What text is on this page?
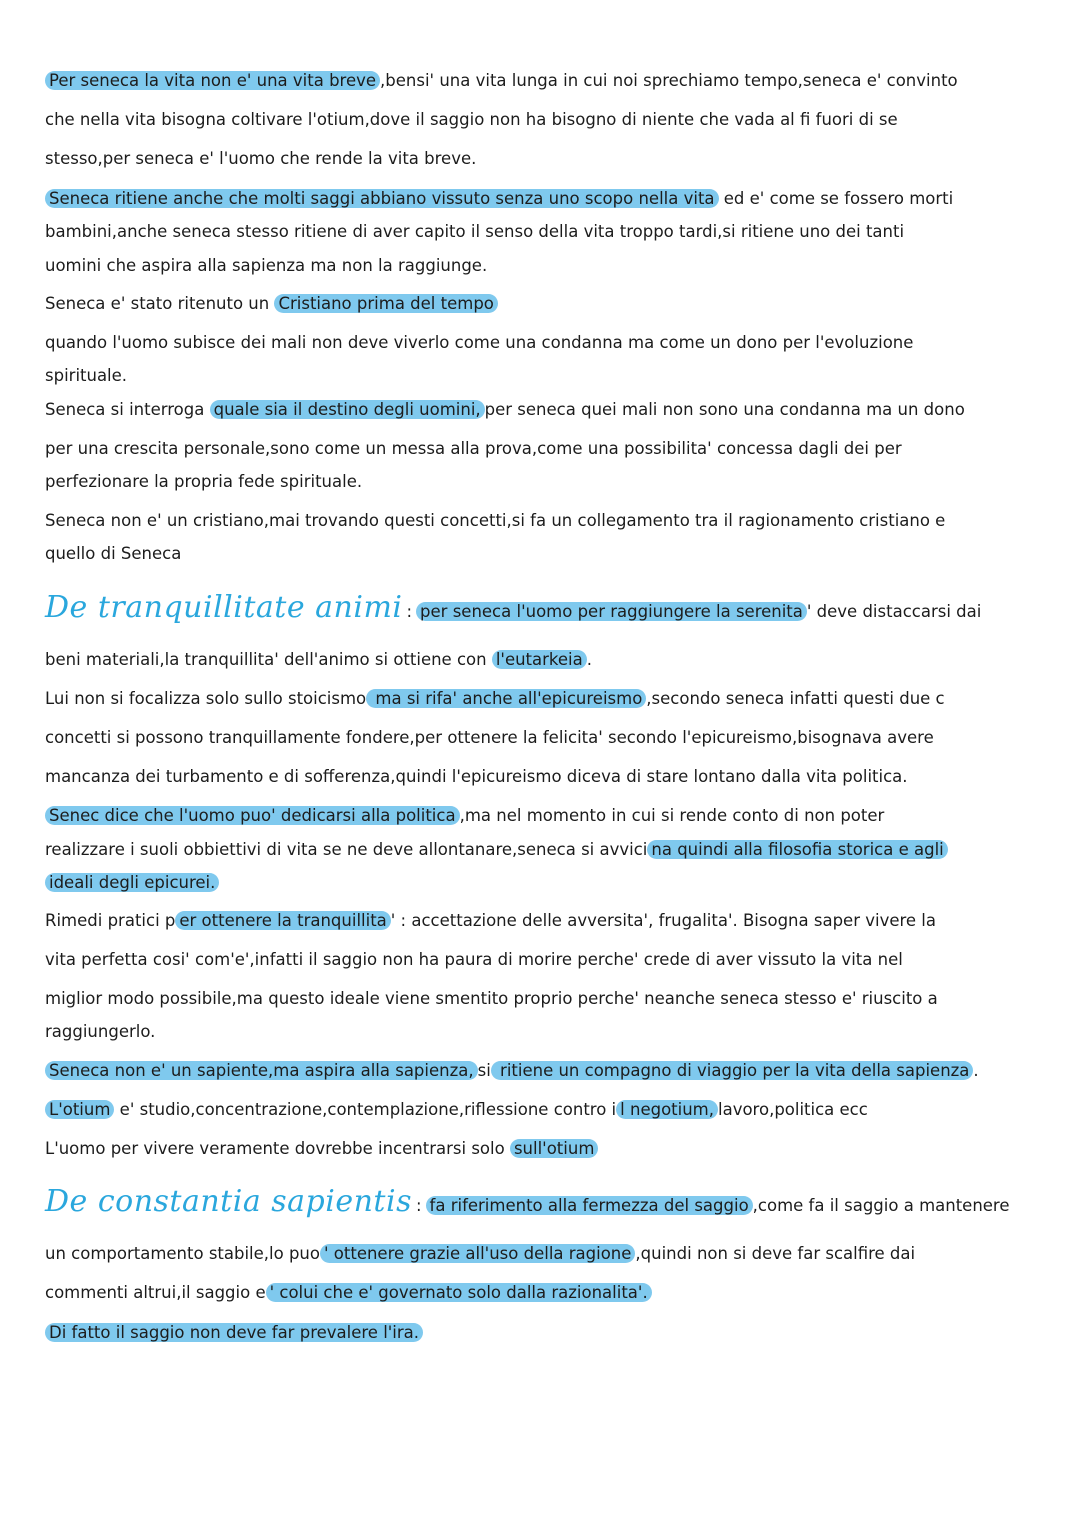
Per seneca la vita non e' una vita breve ,bensi' una vita lunga in cui noi sprechiamo tempo,seneca e' convinto
che nella vita bisogna coltivare l'otium,dove il saggio non ha bisogno di niente che vada al fi fuori di se
stesso,per seneca e' l'uomo che rende la vita breve.
Seneca ritiene anche che molti saggi abbiano vissuto senza uno scopo nella vita ed e' come se fossero morti
bambini,anche seneca stesso ritiene di aver capito il senso della vita troppo tardi,si ritiene uno dei tanti
uomini che aspira alla sapienza ma non la raggiunge.
Seneca e' stato ritenuto un Cristiano prima del tempo
quando l'uomo subisce dei mali non deve viverlo come una condanna ma come un dono per l'evoluzione
spirituale.
Seneca si interroga quale sia il destino degli uomini, per seneca quei mali non sono una condanna ma un dono
per una crescita personale,sono come un messa alla prova,come una possibilita' concessa dagli dei per
perfezionare la propria fede spirituale.
Seneca non e' un cristiano,mai trovando questi concetti,si fa un collegamento tra il ragionamento cristiano e
quello di Seneca
De tranquillitate animi : per seneca l'uomo per raggiungere la serenita ' deve distaccarsi dai
beni materiali,la tranquillita' dell'animo si ottiene con l'eutarkeia .
Lui non si focalizza solo sullo stoicismo ma si rifa' anche all'epicureismo ,secondo seneca infatti questi due c
concetti si possono tranquillamente fondere,per ottenere la felicita' secondo l'epicureismo,bisognava avere
mancanza dei turbamento e di sofferenza,quindi l'epicureismo diceva di stare lontano dalla vita politica.
Senec dice che l'uomo puo' dedicarsi alla politica ,ma nel momento in cui si rende conto di non poter
realizzare i suoli obbiettivi di vita se ne deve allontanare,seneca si avvici na quindi alla filosofia storica e agli
ideali degli epicurei.
Rimedi pratici p er ottenere la tranquillita ' : accettazione delle avversita', frugalita'. Bisogna saper vivere la
vita perfetta cosi' com'e',infatti il saggio non ha paura di morire perche' crede di aver vissuto la vita nel
miglior modo possibile,ma questo ideale viene smentito proprio perche' neanche seneca stesso e' riuscito a
raggiungerlo.
Seneca non e' un sapiente,ma aspira alla sapienza, si ritiene un compagno di viaggio per la vita della sapienza .
L'otium e' studio,concentrazione,contemplazione,riflessione contro i l negotium, lavoro,politica ecc
L'uomo per vivere veramente dovrebbe incentrarsi solo sull'otium
De constantia sapientis : fa riferimento alla fermezza del saggio ,come fa il saggio a mantenere
un comportamento stabile,lo puo ' ottenere grazie all'uso della ragione ,quindi non si deve far scalfire dai
commenti altrui,il saggio e ' colui che e' governato solo dalla razionalita'.
Di fatto il saggio non deve far prevalere l'ira.
